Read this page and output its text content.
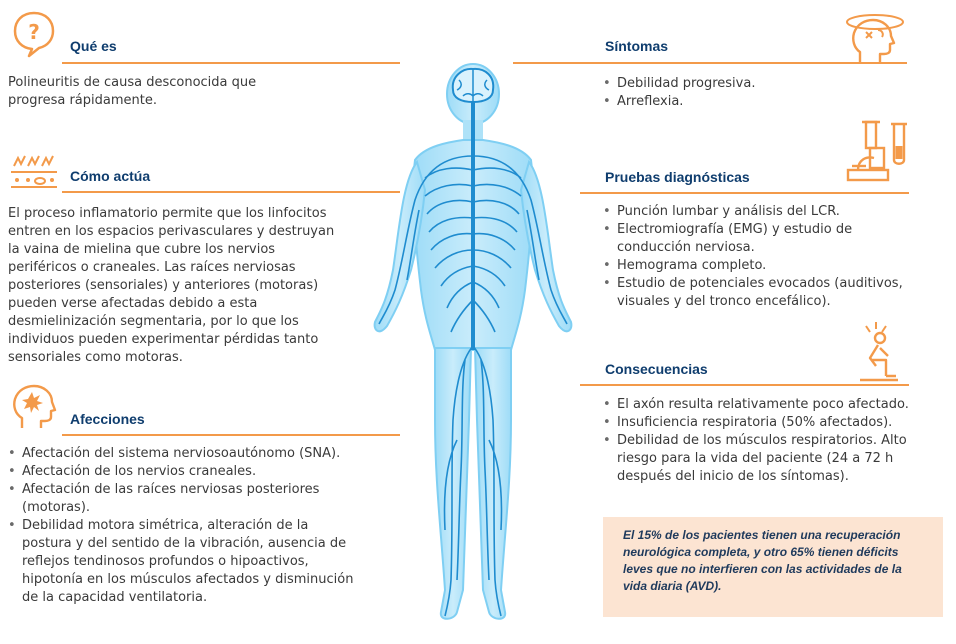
?
Qué es

Polineuritis de causa desconocida que progresa rápidamente.

Cómo actúa

El proceso inflamatorio permite que los linfocitos entren en los espacios perivasculares y destruyan la vaina de mielina que cubre los nervios periféricos o craneales. Las raíces nerviosas posteriores (sensoriales) y anteriores (motoras) pueden verse afectadas debido a esta desmielinización segmentaria, por lo que los individuos pueden experimentar pérdidas tanto sensoriales como motoras.

Afecciones
• Afectación del sistema nerviosoautónomo (SNA).
• Afectación de los nervios craneales.
• Afectación de las raíces nerviosas posteriores (motoras).
• Debilidad motora simétrica, alteración de la postura y del sentido de la vibración, ausencia de reflejos tendinosos profundos o hipoactivos, hipotonía en los músculos afectados y disminución de la capacidad ventilatoria.
Síntomas
• Debilidad progresiva.
• Arreflexia.
Pruebas diagnósticas
• Punción lumbar y análisis del LCR.
• Electromiografía (EMG) y estudio de conducción nerviosa.
• Hemograma completo.
• Estudio de potenciales evocados (auditivos, visuales y del tronco encefálico).
Consecuencias
• El axón resulta relativamente poco afectado.
• Insuficiencia respiratoria (50% afectados).
• Debilidad de los músculos respiratorios. Alto riesgo para la vida del paciente (24 a 72 h después del inicio de los síntomas).

El 15% de los pacientes tienen una recuperación neurológica completa, y otro 65% tienen déficits leves que no interfieren con las actividades de la vida diaria (AVD).
